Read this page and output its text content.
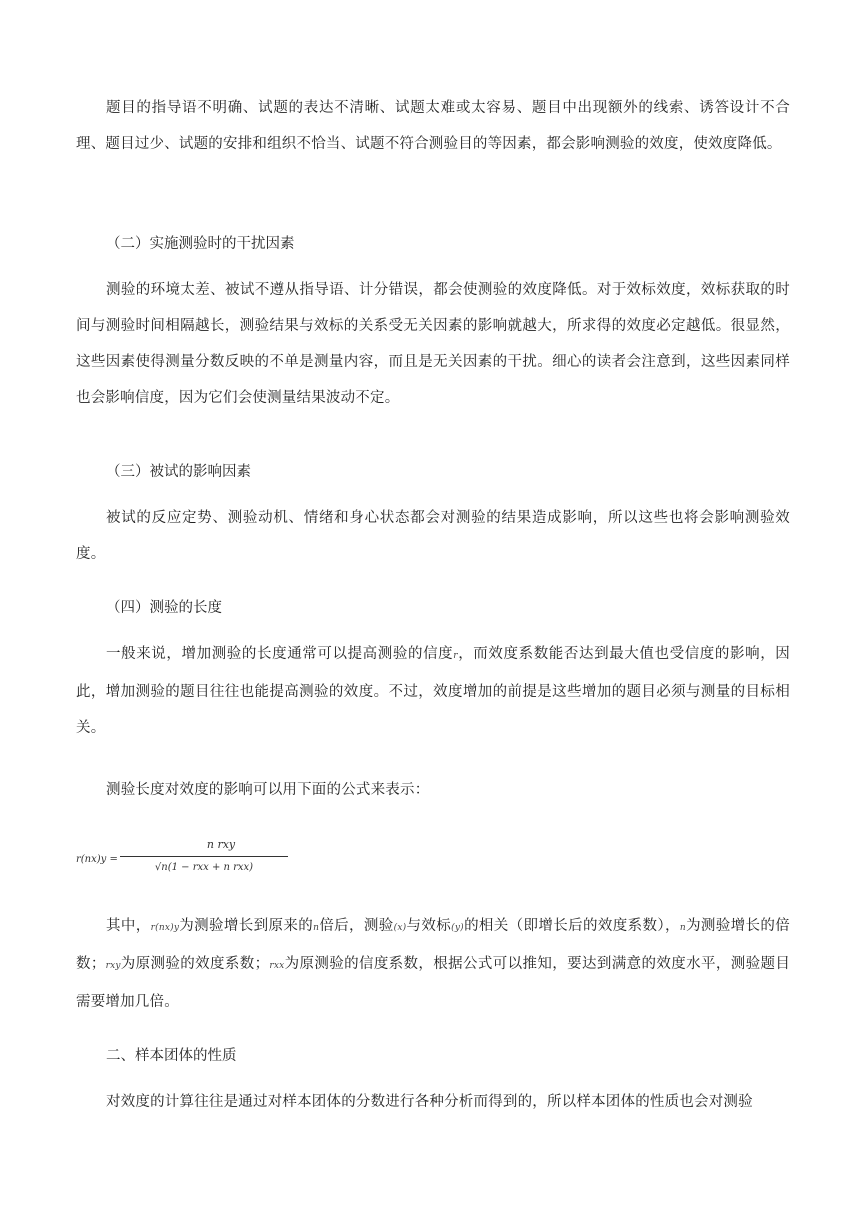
题目的指导语不明确、试题的表达不清晰、试题太难或太容易、题目中出现额外的线索、诱答设计不合理、题目过少、试题的安排和组织不恰当、试题不符合测验目的等因素，都会影响测验的效度，使效度降低。
（二）实施测验时的干扰因素
测验的环境太差、被试不遵从指导语、计分错误，都会使测验的效度降低。对于效标效度，效标获取的时间与测验时间相隔越长，测验结果与效标的关系受无关因素的影响就越大，所求得的效度必定越低。很显然，这些因素使得测量分数反映的不单是测量内容，而且是无关因素的干扰。细心的读者会注意到，这些因素同样也会影响信度，因为它们会使测量结果波动不定。
（三）被试的影响因素
被试的反应定势、测验动机、情绪和身心状态都会对测验的结果造成影响，所以这些也将会影响测验效度。
（四）测验的长度
一般来说，增加测验的长度通常可以提高测验的信度r，而效度系数能否达到最大值也受信度的影响，因此，增加测验的题目往往也能提高测验的效度。不过，效度增加的前提是这些增加的题目必须与测量的目标相关。
测验长度对效度的影响可以用下面的公式来表示：
r(nx)y =
n rxy
√n(1 − rxx + n rxx)
其中，r(nx)y为测验增长到原来的n倍后，测验(x)与效标(y)的相关（即增长后的效度系数），n为测验增长的倍数；rxy为原测验的效度系数；rxx为原测验的信度系数，根据公式可以推知，要达到满意的效度水平，测验题目需要增加几倍。
二、样本团体的性质
对效度的计算往往是通过对样本团体的分数进行各种分析而得到的，所以样本团体的性质也会对测验
